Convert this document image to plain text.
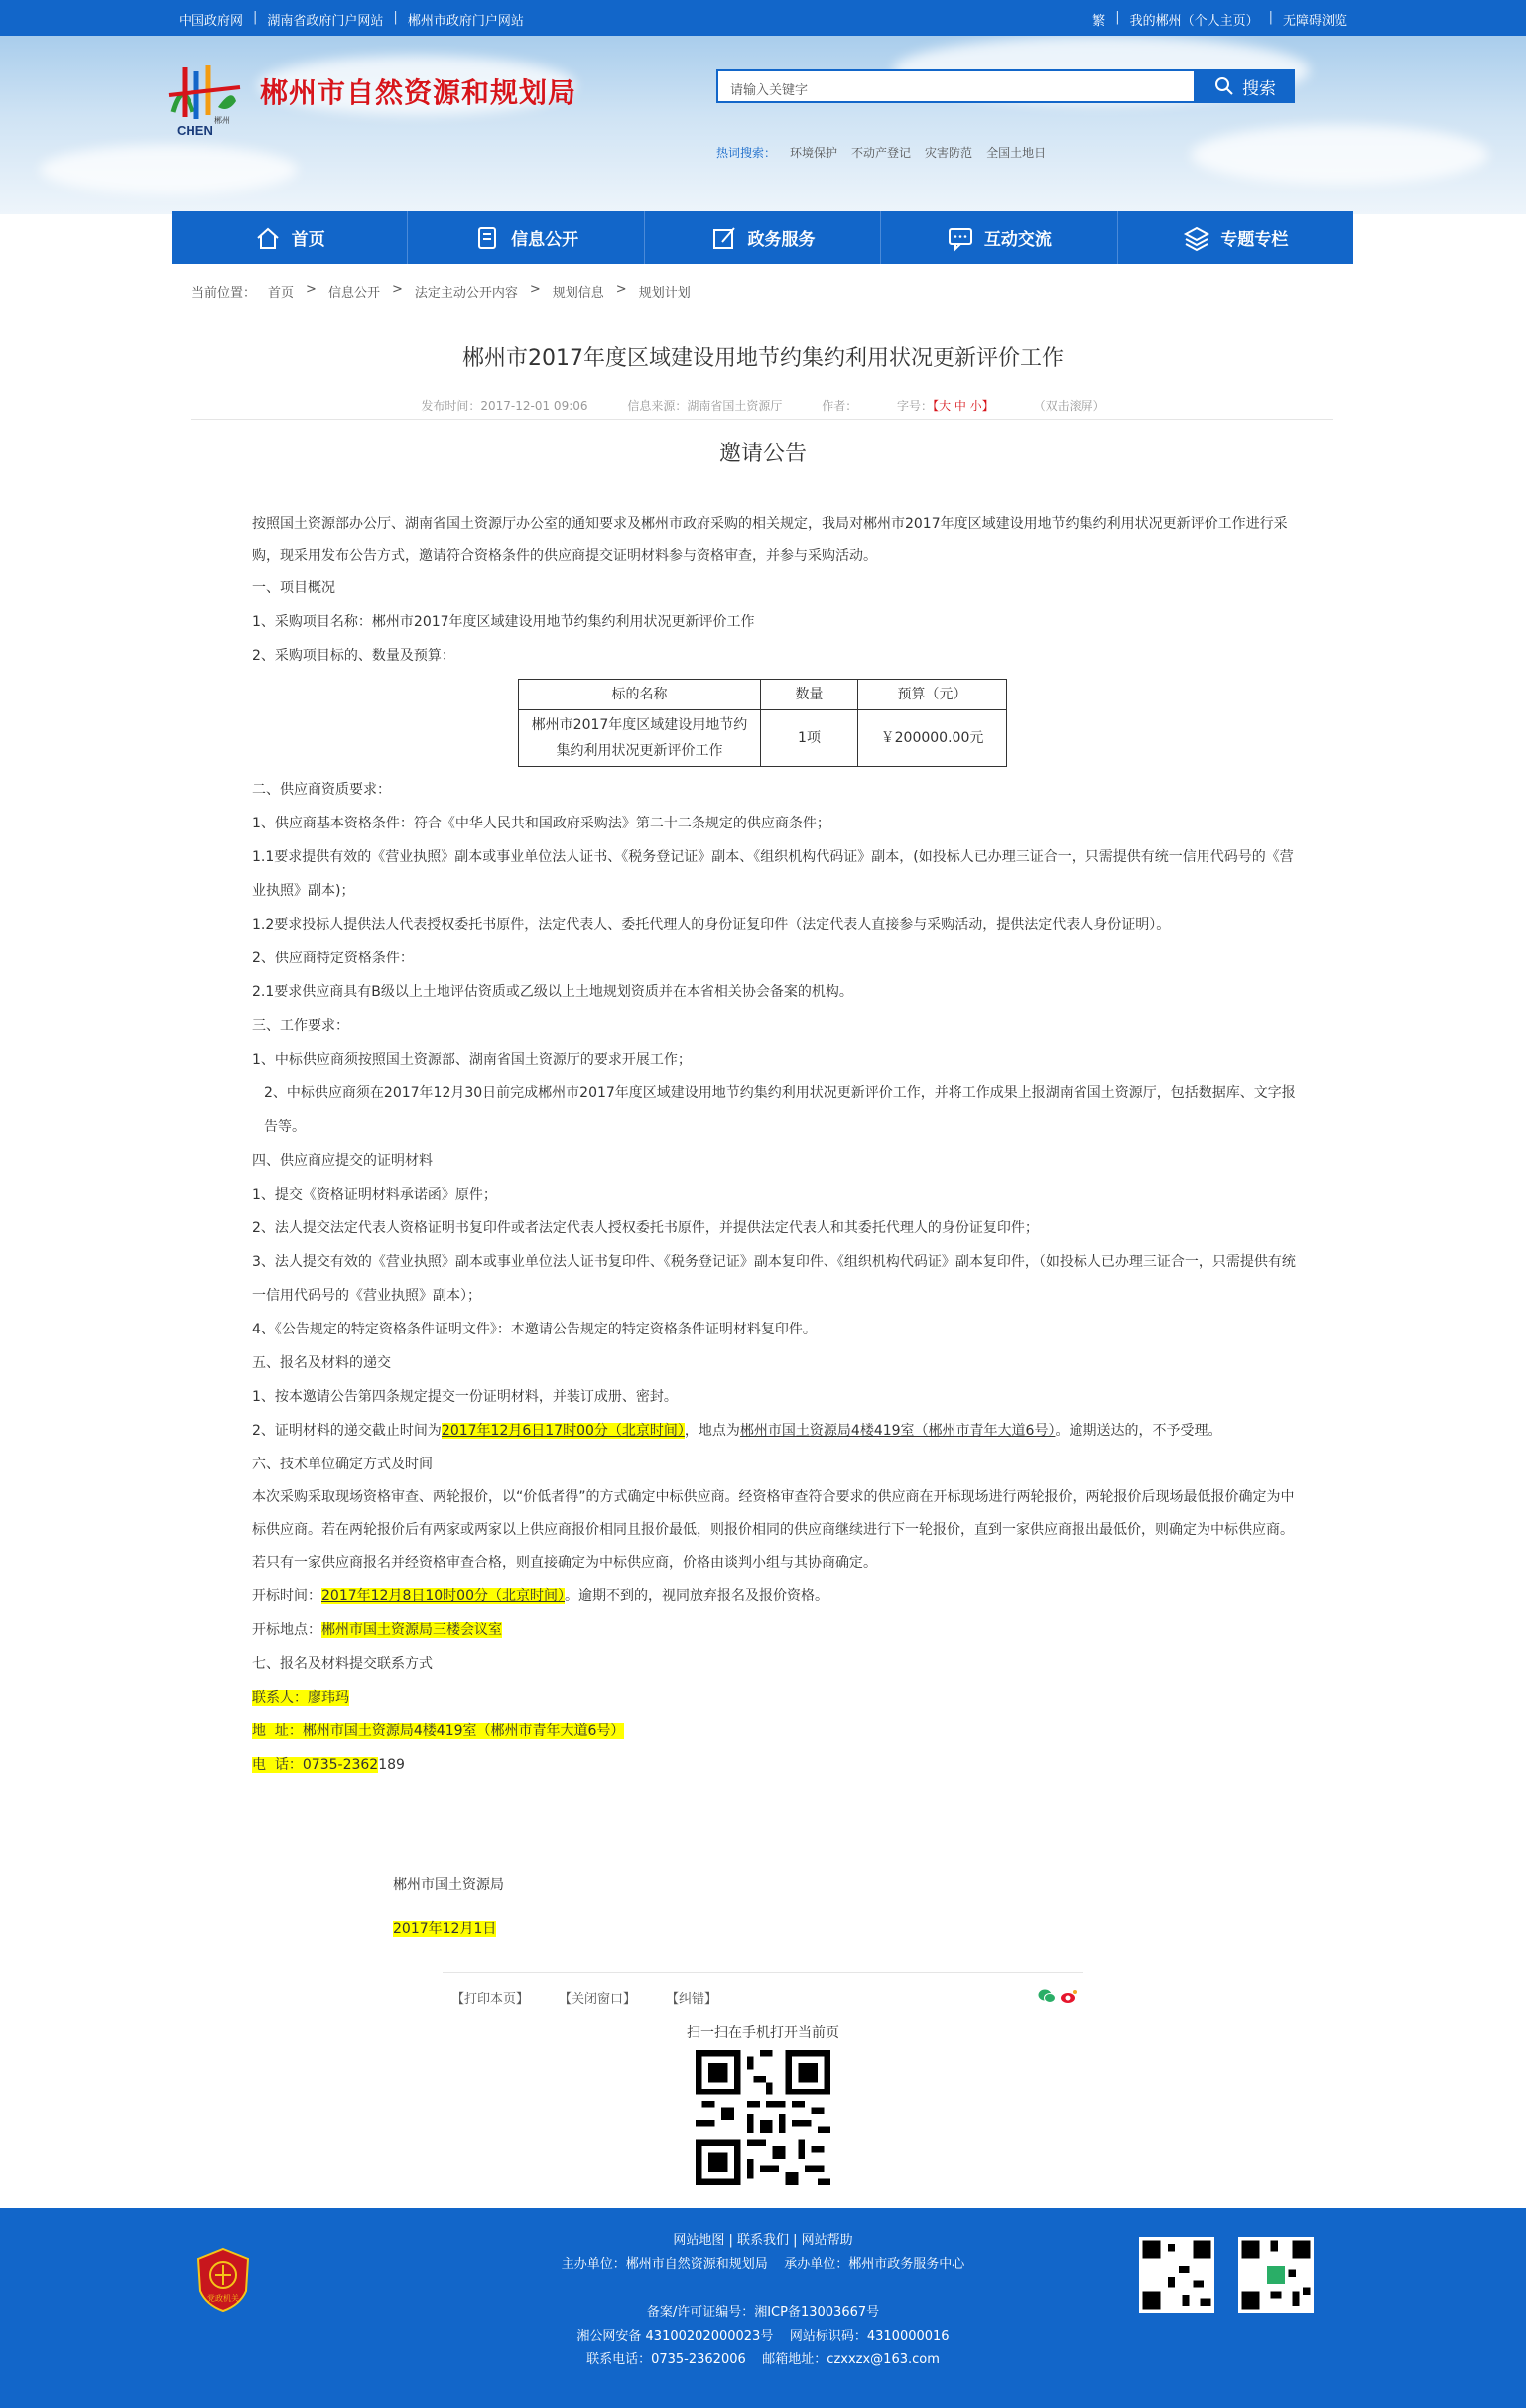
中国政府网 | 湖南省政府门户网站 | 郴州市政府门户网站	繁 | 我的郴州（个人主页） | 无障碍浏览
郴州
CHEN
郴州市自然资源和规划局	请输入关键字	搜索
热词搜索： 环境保护 不动产登记 灾害防范 全国土地日
首页	信息公开	政务服务	互动交流	专题专栏
当前位置： 首页 > 信息公开 > 法定主动公开内容 > 规划信息 > 规划计划
郴州市2017年度区域建设用地节约集约利用状况更新评价工作
发布时间：2017-12-01 09:06	信息来源：湖南省国土资源厅	作者：	字号：【大 中 小】	（双击滚屏）
邀请公告

按照国土资源部办公厅、湖南省国土资源厅办公室的通知要求及郴州市政府采购的相关规定，我局对郴州市2017年度区域建设用地节约集约利用状况更新评价工作进行采购，现采用发布公告方式，邀请符合资格条件的供应商提交证明材料参与资格审查，并参与采购活动。

一、项目概况

1、采购项目名称：郴州市2017年度区域建设用地节约集约利用状况更新评价工作

2、采购项目标的、数量及预算：

标的名称	数量	预算（元）
郴州市2017年度区域建设用地节约集约利用状况更新评价工作	1项	￥200000.00元

二、供应商资质要求：

1、供应商基本资格条件：符合《中华人民共和国政府采购法》第二十二条规定的供应商条件；

1.1要求提供有效的《营业执照》副本或事业单位法人证书、《税务登记证》副本、《组织机构代码证》副本，(如投标人已办理三证合一，只需提供有统一信用代码号的《营业执照》副本)；

1.2要求投标人提供法人代表授权委托书原件，法定代表人、委托代理人的身份证复印件（法定代表人直接参与采购活动，提供法定代表人身份证明）。

2、供应商特定资格条件：

2.1要求供应商具有B级以上土地评估资质或乙级以上土地规划资质并在本省相关协会备案的机构。

三、工作要求：

1、中标供应商须按照国土资源部、湖南省国土资源厅的要求开展工作；

2、中标供应商须在2017年12月30日前完成郴州市2017年度区域建设用地节约集约利用状况更新评价工作，并将工作成果上报湖南省国土资源厅，包括数据库、文字报告等。

四、供应商应提交的证明材料

1、提交《资格证明材料承诺函》原件；

2、法人提交法定代表人资格证明书复印件或者法定代表人授权委托书原件，并提供法定代表人和其委托代理人的身份证复印件；

3、法人提交有效的《营业执照》副本或事业单位法人证书复印件、《税务登记证》副本复印件、《组织机构代码证》副本复印件，（如投标人已办理三证合一，只需提供有统一信用代码号的《营业执照》副本）；

4、《公告规定的特定资格条件证明文件》：本邀请公告规定的特定资格条件证明材料复印件。

五、报名及材料的递交

1、按本邀请公告第四条规定提交一份证明材料，并装订成册、密封。

2、证明材料的递交截止时间为2017年12月6日17时00分（北京时间），地点为郴州市国土资源局4楼419室（郴州市青年大道6号）。逾期送达的，不予受理。

六、技术单位确定方式及时间

本次采购采取现场资格审查、两轮报价，以“价低者得”的方式确定中标供应商。经资格审查符合要求的供应商在开标现场进行两轮报价，两轮报价后现场最低报价确定为中标供应商。若在两轮报价后有两家或两家以上供应商报价相同且报价最低，则报价相同的供应商继续进行下一轮报价，直到一家供应商报出最低价，则确定为中标供应商。若只有一家供应商报名并经资格审查合格，则直接确定为中标供应商，价格由谈判小组与其协商确定。

开标时间：2017年12月8日10时00分（北京时间）。逾期不到的，视同放弃报名及报价资格。

开标地点：郴州市国土资源局三楼会议室

七、报名及材料提交联系方式

联系人：廖玮玛

地  址：郴州市国土资源局4楼419室（郴州市青年大道6号）

电  话：0735-2362189

郴州市国土资源局

2017年12月1日

【打印本页】 【关闭窗口】 【纠错】
扫一扫在手机打开当前页
党政机关
网站地图 | 联系我们 | 网站帮助
主办单位：郴州市自然资源和规划局    承办单位：郴州市政务服务中心
备案/许可证编号：湘ICP备13003667号
湘公网安备 43100202000023号    网站标识码：4310000016
联系电话：0735-2362006    邮箱地址：czxxzx@163.com
